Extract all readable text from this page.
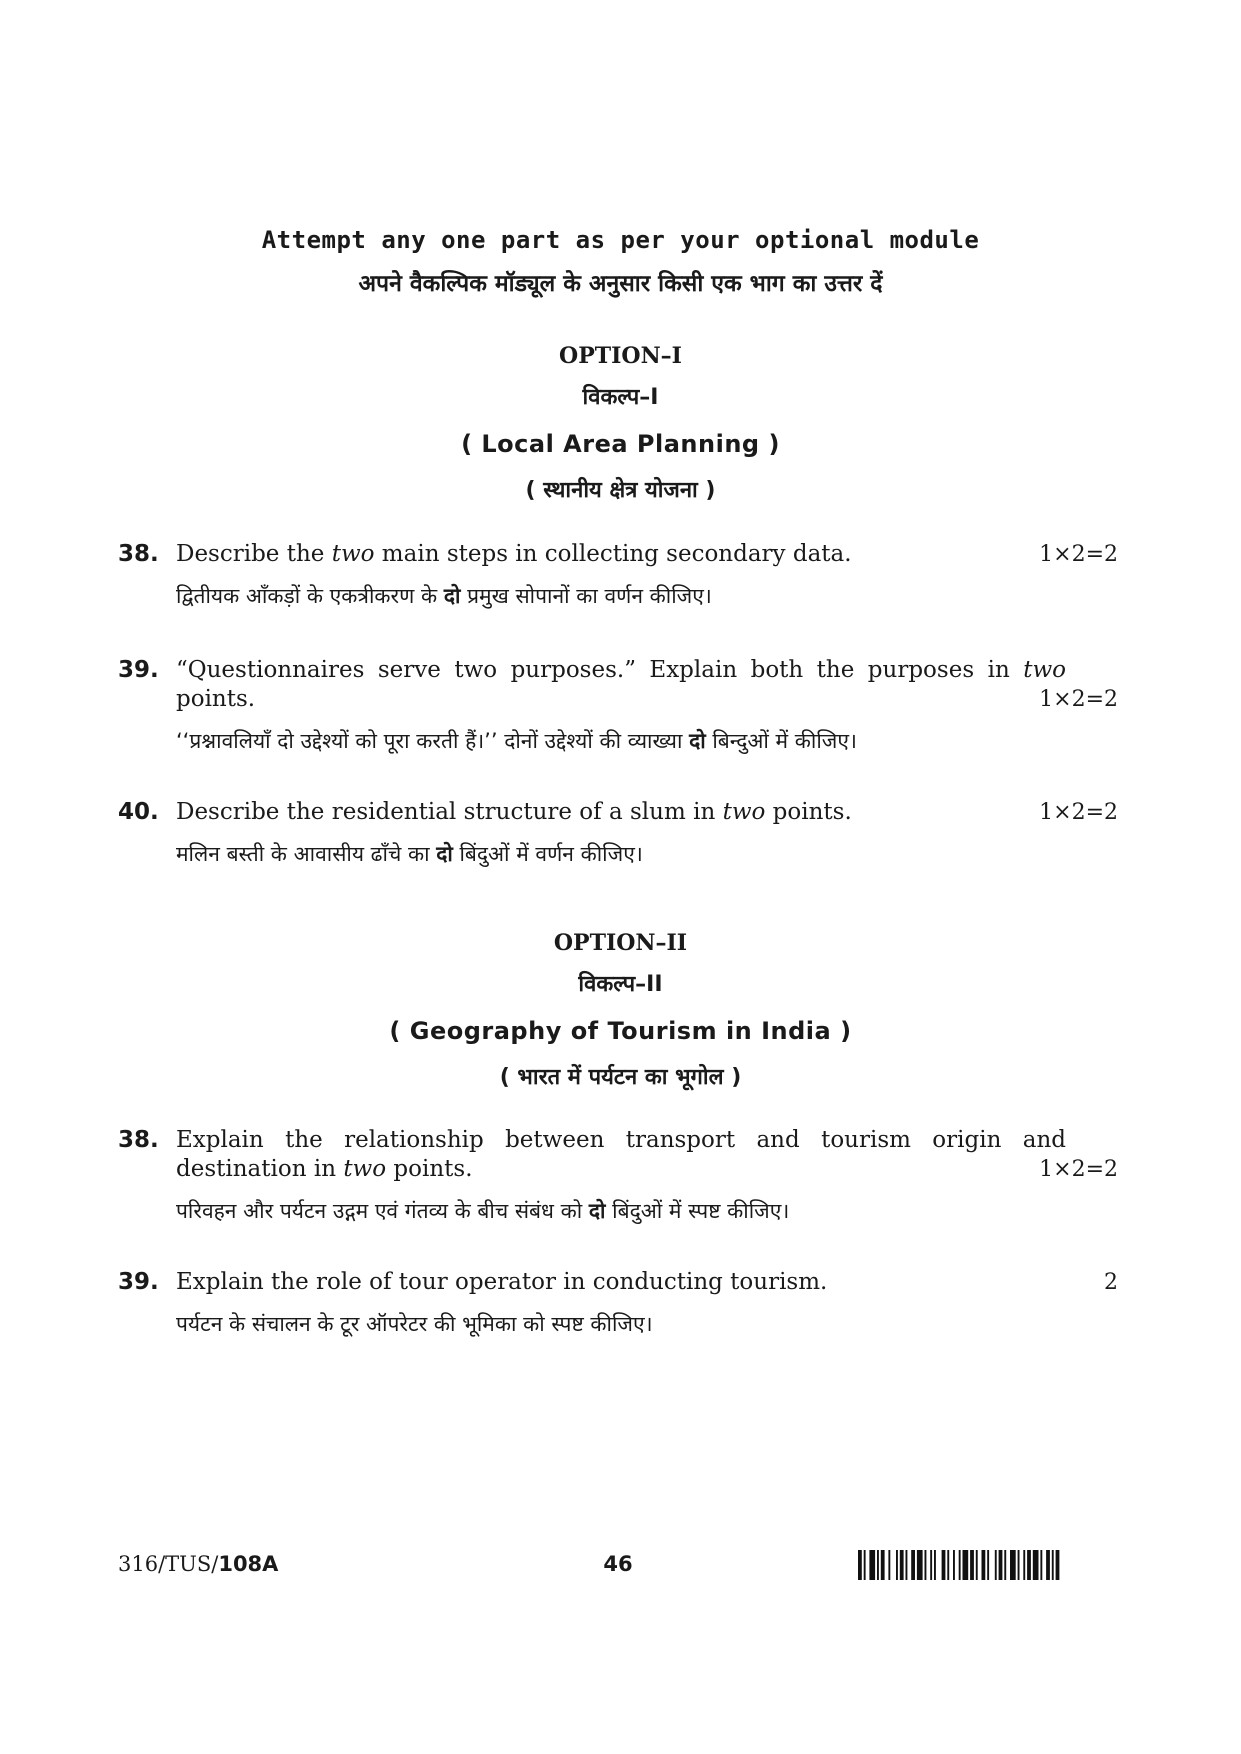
Attempt any one part as per your optional module
अपने वैकल्पिक मॉड्यूल के अनुसार किसी एक भाग का उत्तर दें
OPTION–I
विकल्प–I
( Local Area Planning )
( स्थानीय क्षेत्र योजना )
38. Describe the two main steps in collecting secondary data.	1×2=2
द्वितीयक आँकड़ों के एकत्रीकरण के दो प्रमुख सोपानों का वर्णन कीजिए।
39. “Questionnaires serve two purposes.” Explain both the purposes in two points.	1×2=2
‘‘प्रश्नावलियाँ दो उद्देश्यों को पूरा करती हैं।’’ दोनों उद्देश्यों की व्याख्या दो बिन्दुओं में कीजिए।
40. Describe the residential structure of a slum in two points.	1×2=2
मलिन बस्ती के आवासीय ढाँचे का दो बिंदुओं में वर्णन कीजिए।
OPTION–II
विकल्प–II
( Geography of Tourism in India )
( भारत में पर्यटन का भूगोल )
38. Explain the relationship between transport and tourism origin and destination in two points.	1×2=2
परिवहन और पर्यटन उद्गम एवं गंतव्य के बीच संबंध को दो बिंदुओं में स्पष्ट कीजिए।
39. Explain the role of tour operator in conducting tourism.	2
पर्यटन के संचालन के टूर ऑपरेटर की भूमिका को स्पष्ट कीजिए।
316/TUS/108A	46
